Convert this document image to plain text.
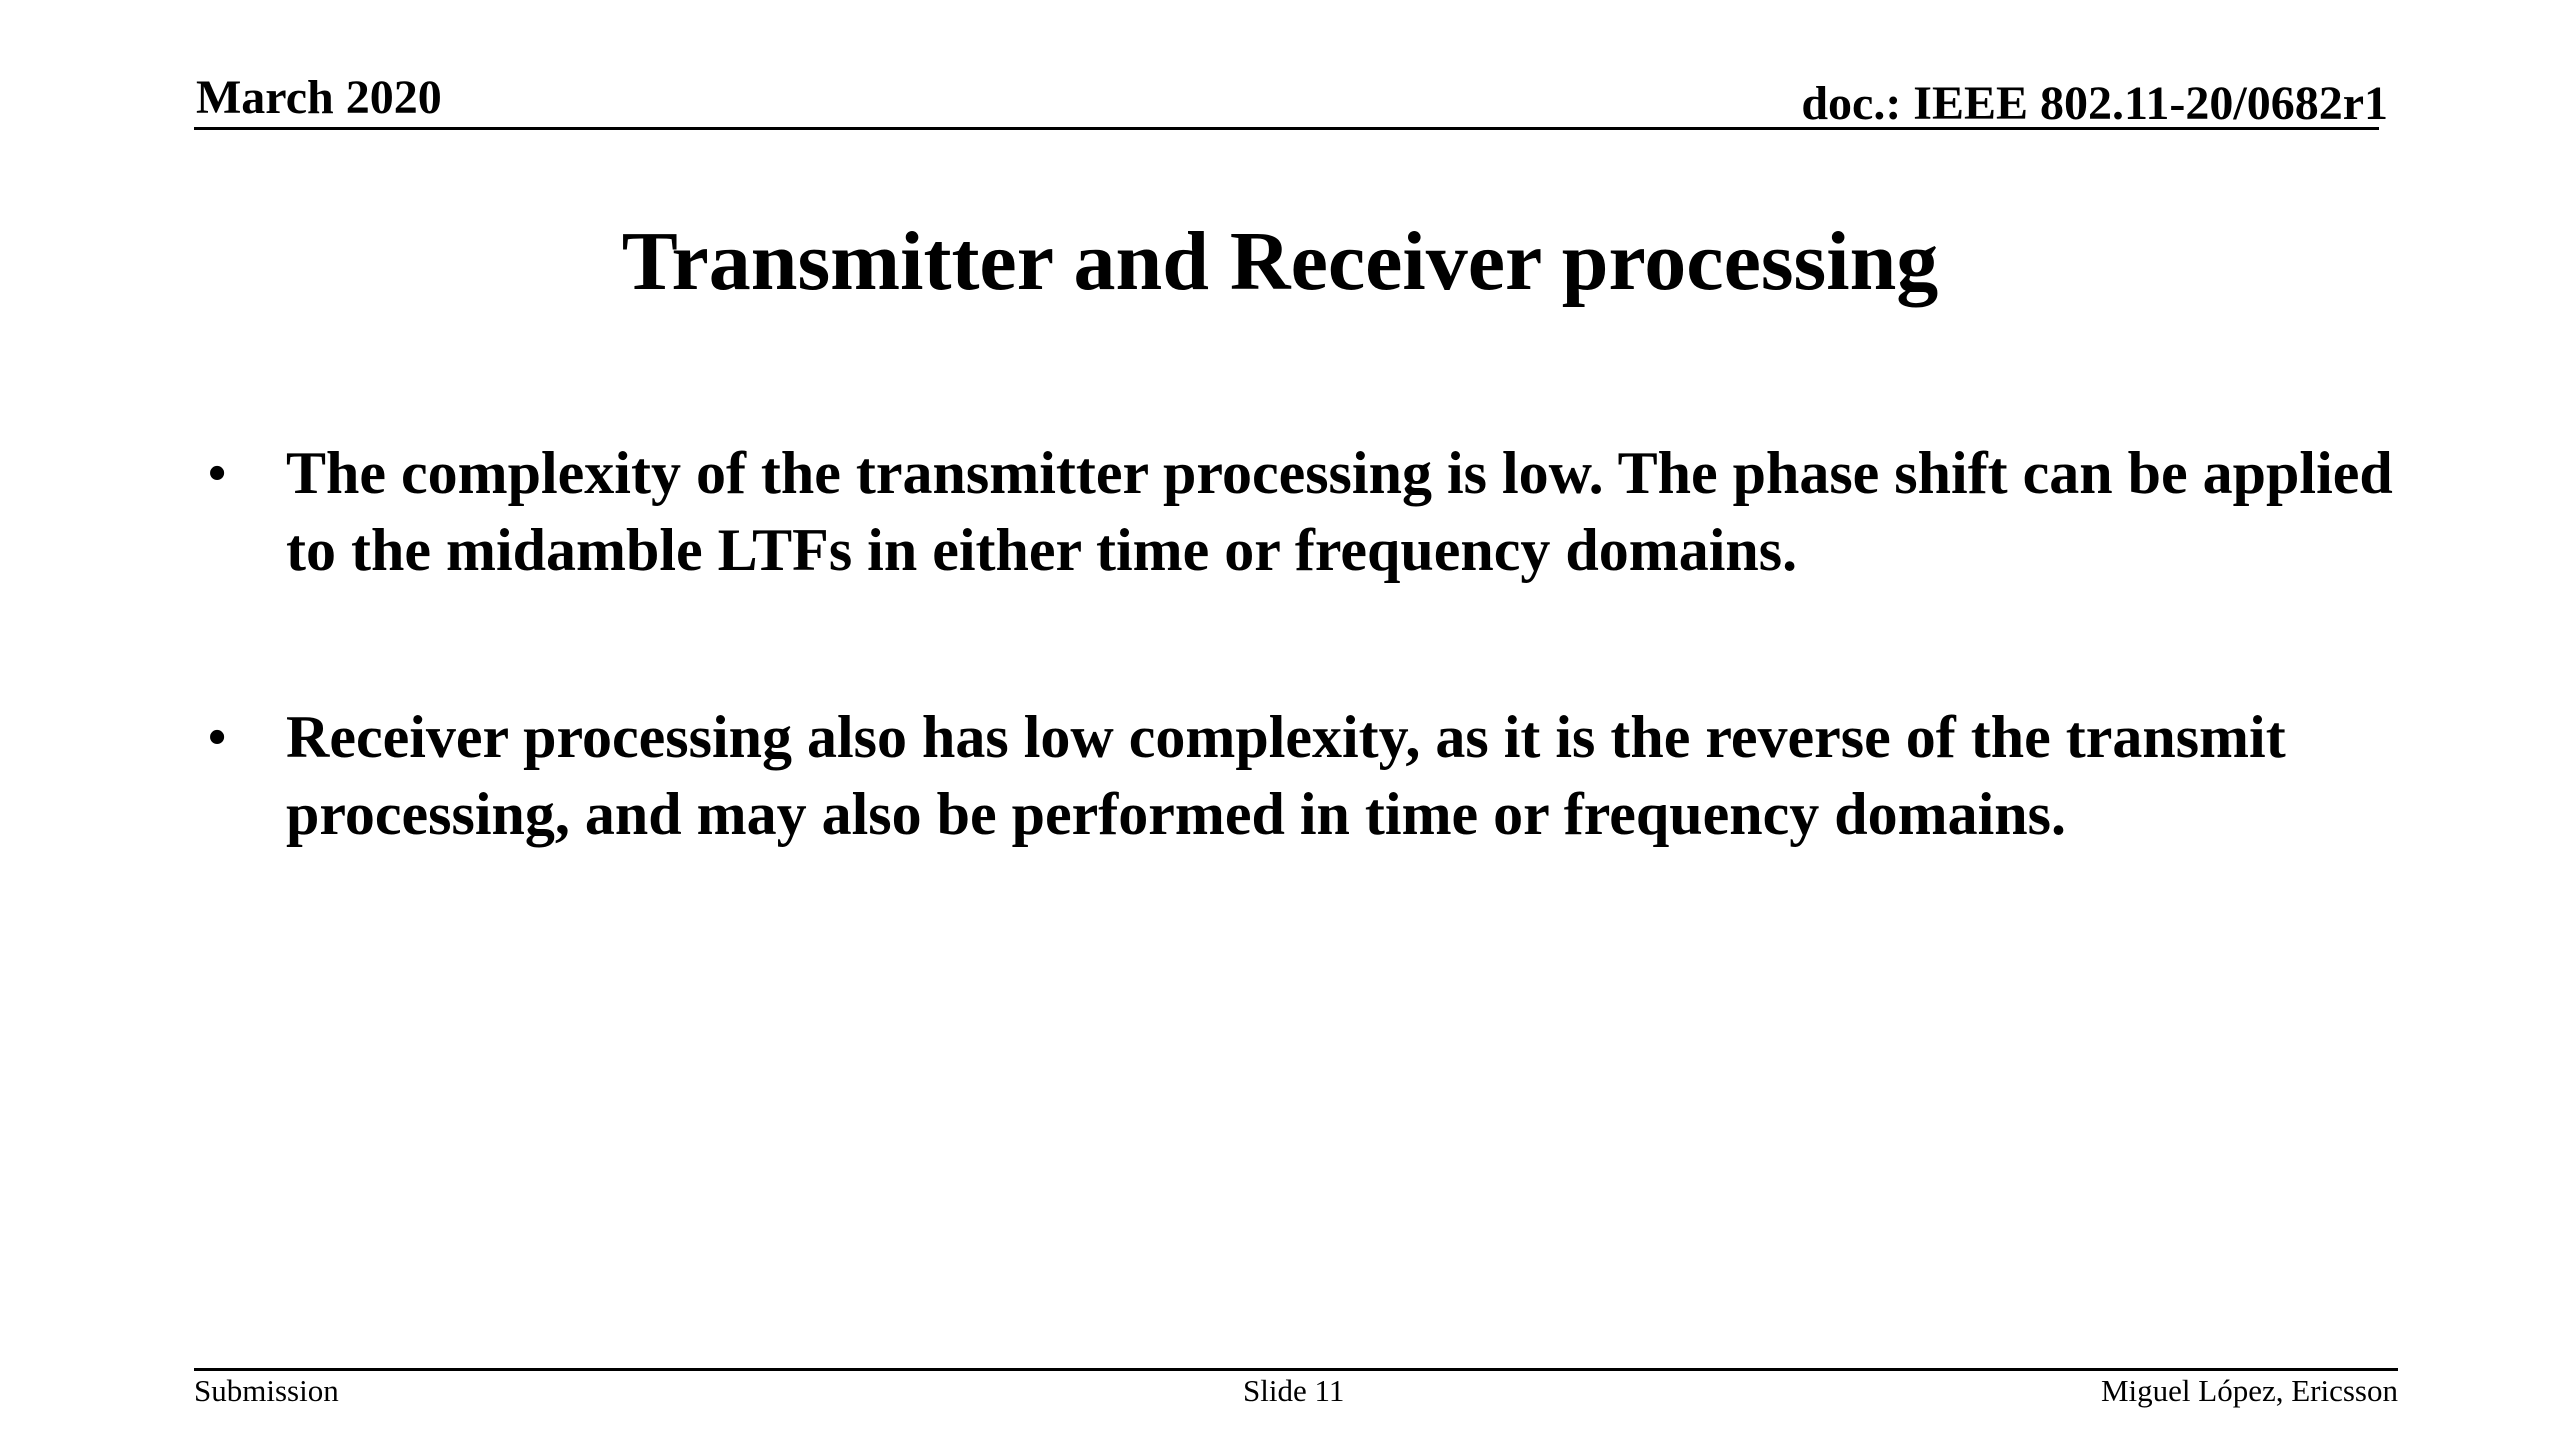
March 2020	doc.: IEEE 802.11-20/0682r1
Transmitter and Receiver processing
• The complexity of the transmitter processing is low. The phase shift can be applied to the midamble LTFs in either time or frequency domains.
• Receiver processing also has low complexity, as it is the reverse of the transmit processing, and may also be performed in time or frequency domains.
Submission	Slide 11	Miguel López, Ericsson
